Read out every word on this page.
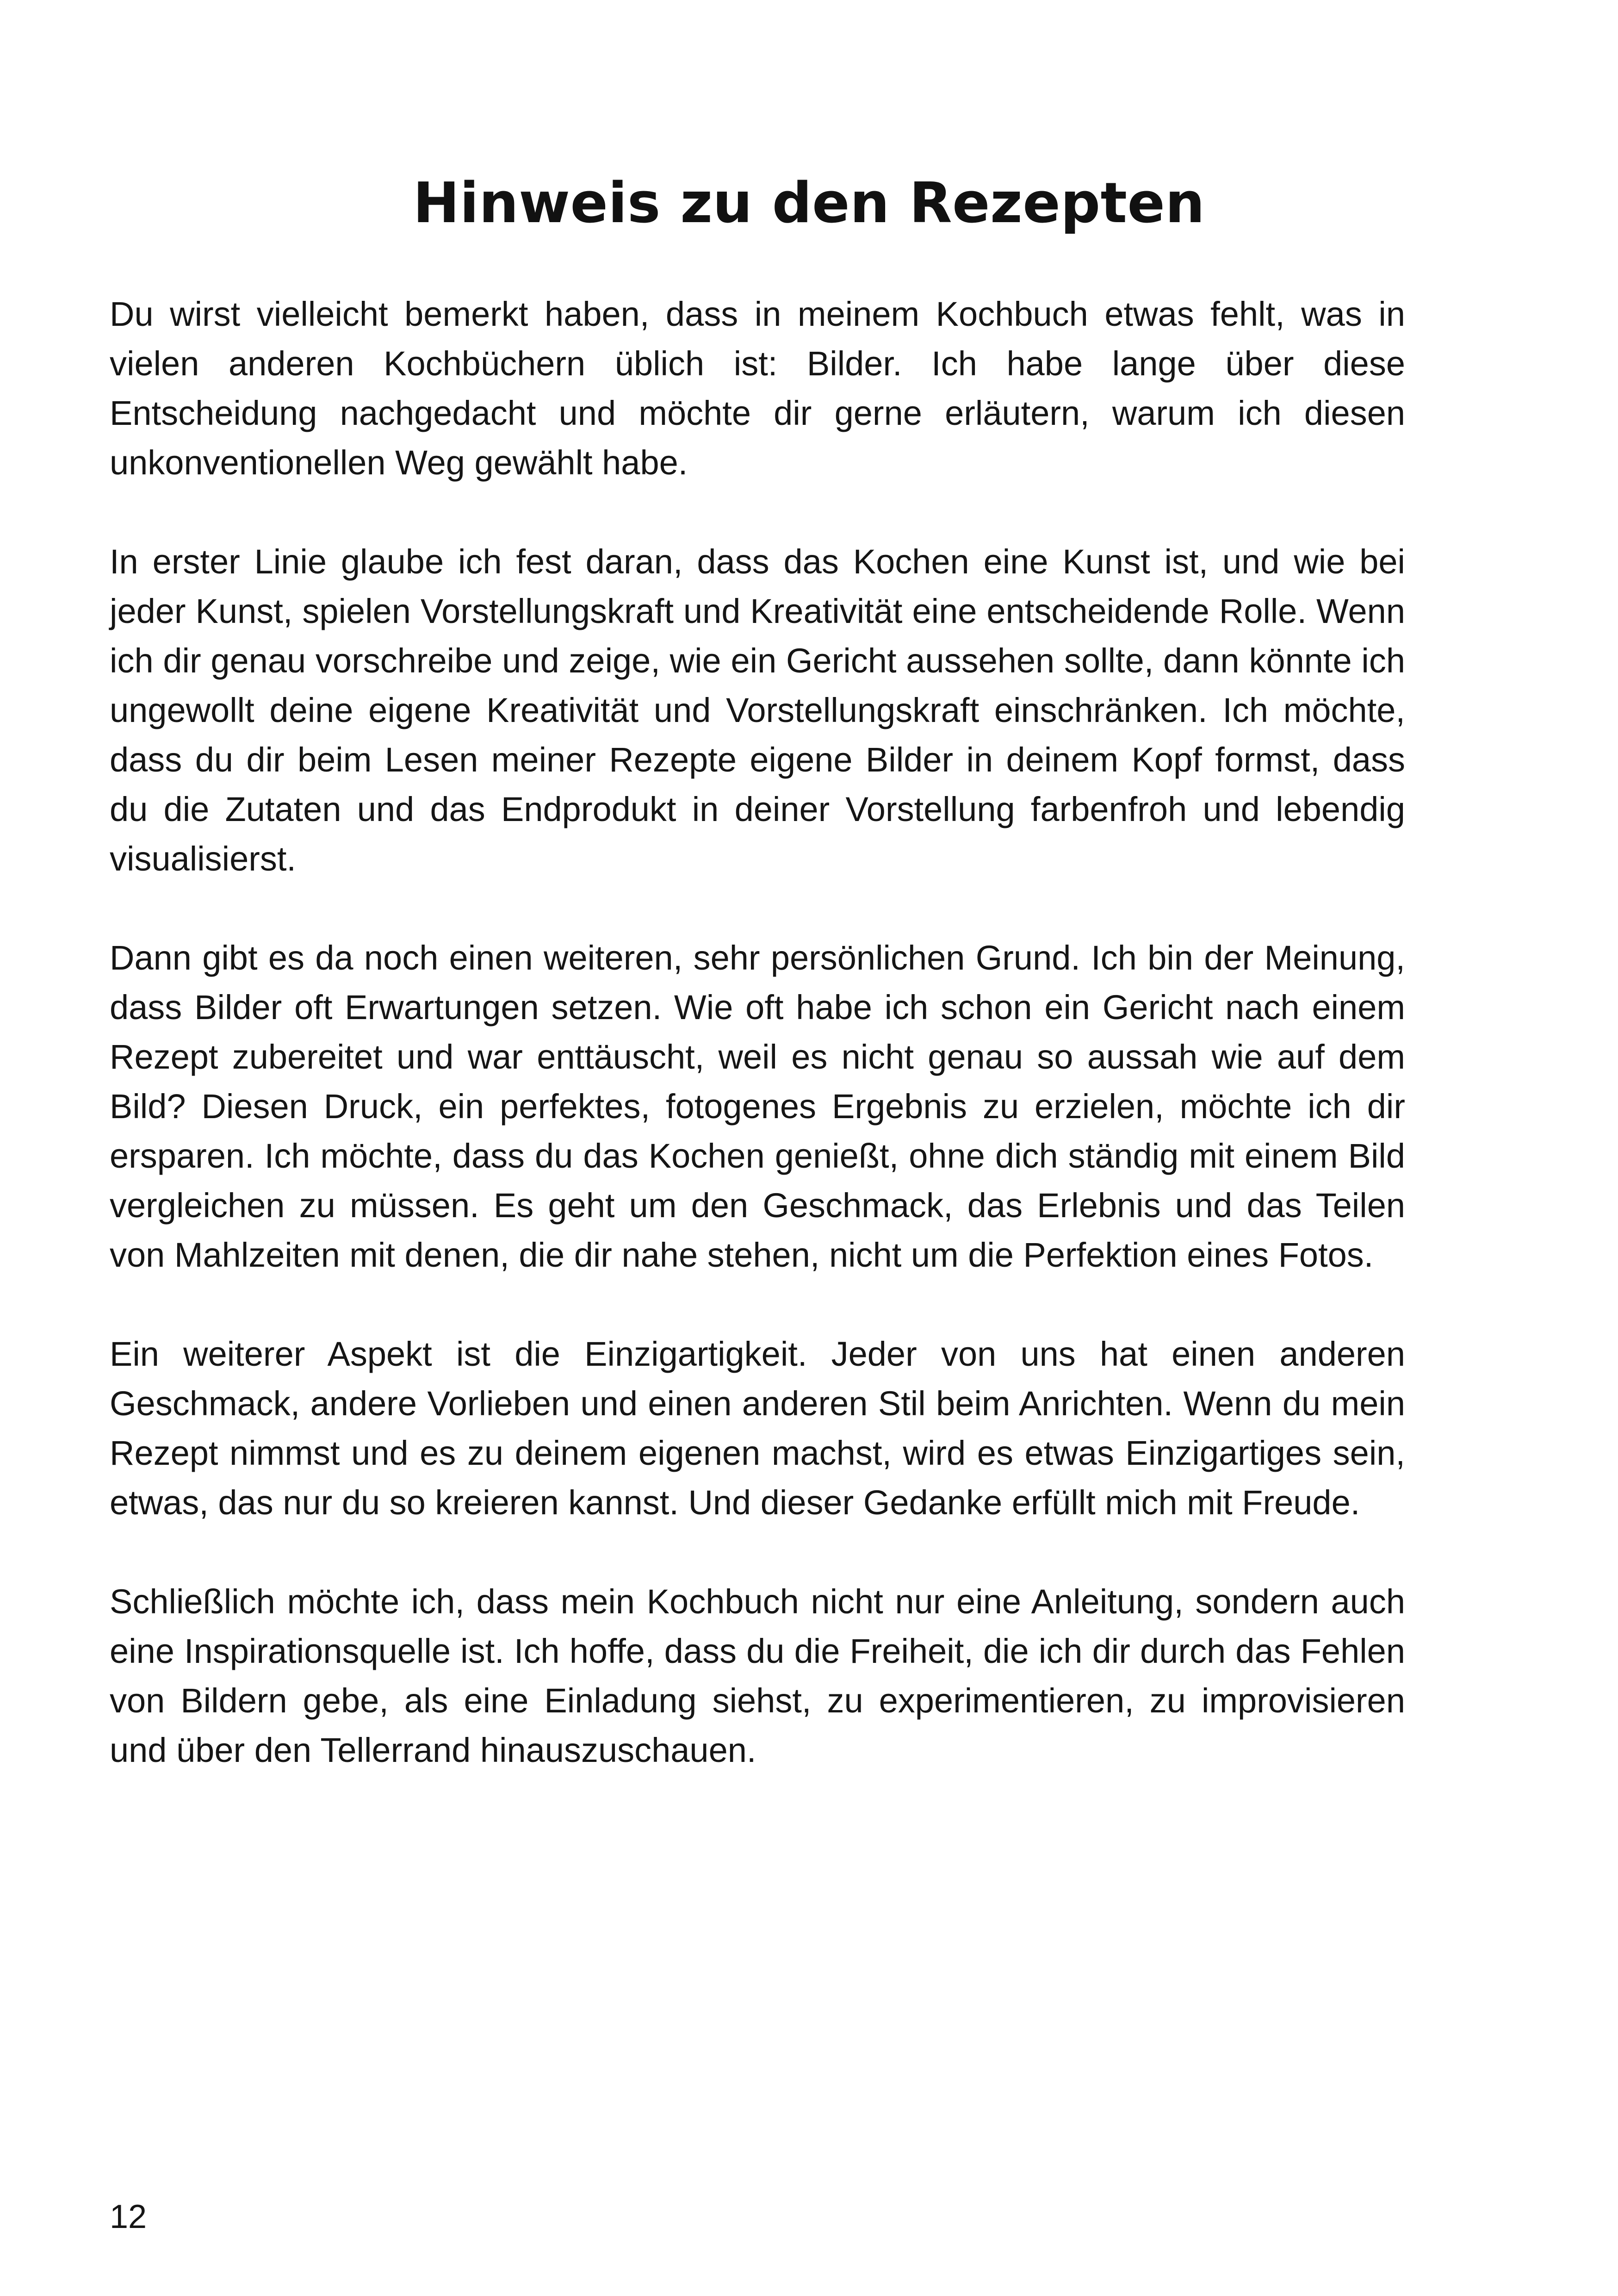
Hinweis zu den Rezepten

Du wirst vielleicht bemerkt haben, dass in meinem Kochbuch etwas fehlt, was in vielen anderen Kochbüchern üblich ist: Bilder. Ich habe lange über diese Entscheidung nachgedacht und möchte dir gerne erläutern, warum ich diesen unkonventionellen Weg gewählt habe.

In erster Linie glaube ich fest daran, dass das Kochen eine Kunst ist, und wie bei jeder Kunst, spielen Vorstellungskraft und Kreativität eine entscheidende Rolle. Wenn ich dir genau vorschreibe und zeige, wie ein Gericht aussehen sollte, dann könnte ich ungewollt deine eigene Kreativität und Vorstellungskraft einschränken. Ich möchte, dass du dir beim Lesen meiner Rezepte eigene Bilder in deinem Kopf formst, dass du die Zutaten und das Endprodukt in deiner Vorstellung farbenfroh und lebendig visualisierst.

Dann gibt es da noch einen weiteren, sehr persönlichen Grund. Ich bin der Meinung, dass Bilder oft Erwartungen setzen. Wie oft habe ich schon ein Gericht nach einem Rezept zubereitet und war enttäuscht, weil es nicht genau so aussah wie auf dem Bild? Diesen Druck, ein perfektes, fotogenes Ergebnis zu erzielen, möchte ich dir ersparen. Ich möchte, dass du das Kochen genießt, ohne dich ständig mit einem Bild vergleichen zu müssen. Es geht um den Geschmack, das Erlebnis und das Teilen von Mahlzeiten mit denen, die dir nahe stehen, nicht um die Perfektion eines Fotos.

Ein weiterer Aspekt ist die Einzigartigkeit. Jeder von uns hat einen anderen Geschmack, andere Vorlieben und einen anderen Stil beim Anrichten. Wenn du mein Rezept nimmst und es zu deinem eigenen machst, wird es etwas Einzigartiges sein, etwas, das nur du so kreieren kannst. Und dieser Gedanke erfüllt mich mit Freude.

Schließlich möchte ich, dass mein Kochbuch nicht nur eine Anleitung, sondern auch eine Inspirationsquelle ist. Ich hoffe, dass du die Freiheit, die ich dir durch das Fehlen von Bildern gebe, als eine Einladung siehst, zu experimentieren, zu improvisieren und über den Tellerrand hinauszuschauen.

12
